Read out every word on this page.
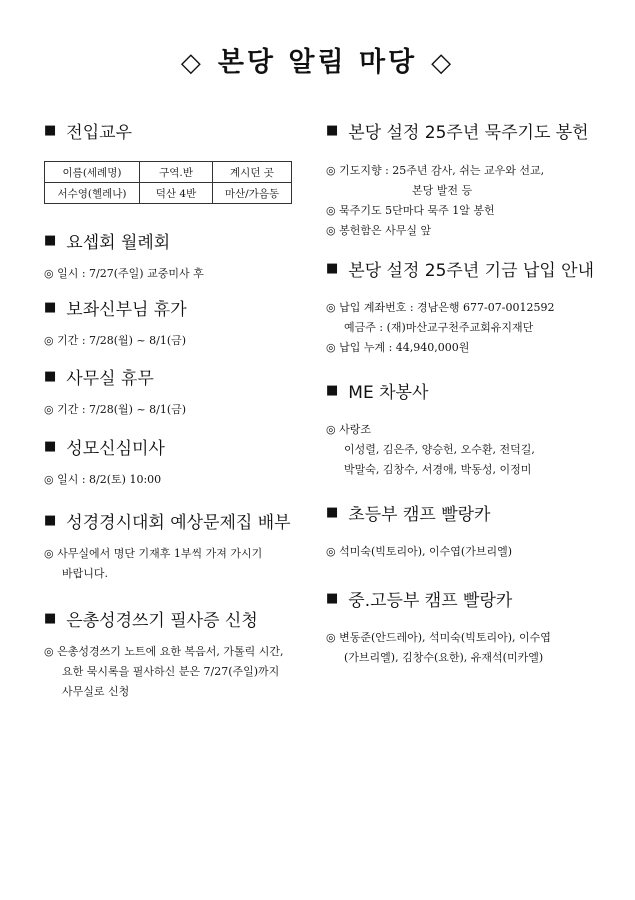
◇ 본당 알림 마당 ◇
■ 전입교우
■ 요셉회 월례회
◎ 일시 : 7/27(주일) 교중미사 후
■ 보좌신부님 휴가
◎ 기간 : 7/28(월) ~ 8/1(금)
■ 사무실 휴무
◎ 기간 : 7/28(월) ~ 8/1(금)
■ 성모신심미사
◎ 일시 : 8/2(토) 10:00
■ 성경경시대회 예상문제집 배부
◎ 사무실에서 명단 기재후 1부씩 가져 가시기
바랍니다.
■ 은총성경쓰기 필사증 신청
◎ 은총성경쓰기 노트에 요한 복음서, 가톨릭 시간,
요한 묵시록을 필사하신 분은 7/27(주일)까지
사무실로 신청
이름(세례명)	구역.반	계시던 곳
서수영(헬레나)	덕산 4반	마산/가음동
■ 본당 설정 25주년 묵주기도 봉헌
◎ 기도지향 : 25주년 감사, 쉬는 교우와 선교,
본당 발전 등
◎ 묵주기도 5단마다 묵주 1알 봉헌
◎ 봉헌함은 사무실 앞
■ 본당 설정 25주년 기금 납입 안내
◎ 납입 계좌번호 : 경남은행 677-07-0012592
예금주 : (재)마산교구천주교회유지재단
◎ 납입 누계 : 44,940,000원
■ ME 차봉사
◎ 사랑조
이성렬, 김은주, 양승헌, 오수환, 전덕길,
박말숙, 김창수, 서경애, 박동성, 이정미
■ 초등부 캠프 빨랑카
◎ 석미숙(빅토리아), 이수엽(가브리엘)
■ 중.고등부 캠프 빨랑카
◎ 변동준(안드레아), 석미숙(빅토리아), 이수엽
(가브리엘), 김창수(요한), 유재석(미카엘)
